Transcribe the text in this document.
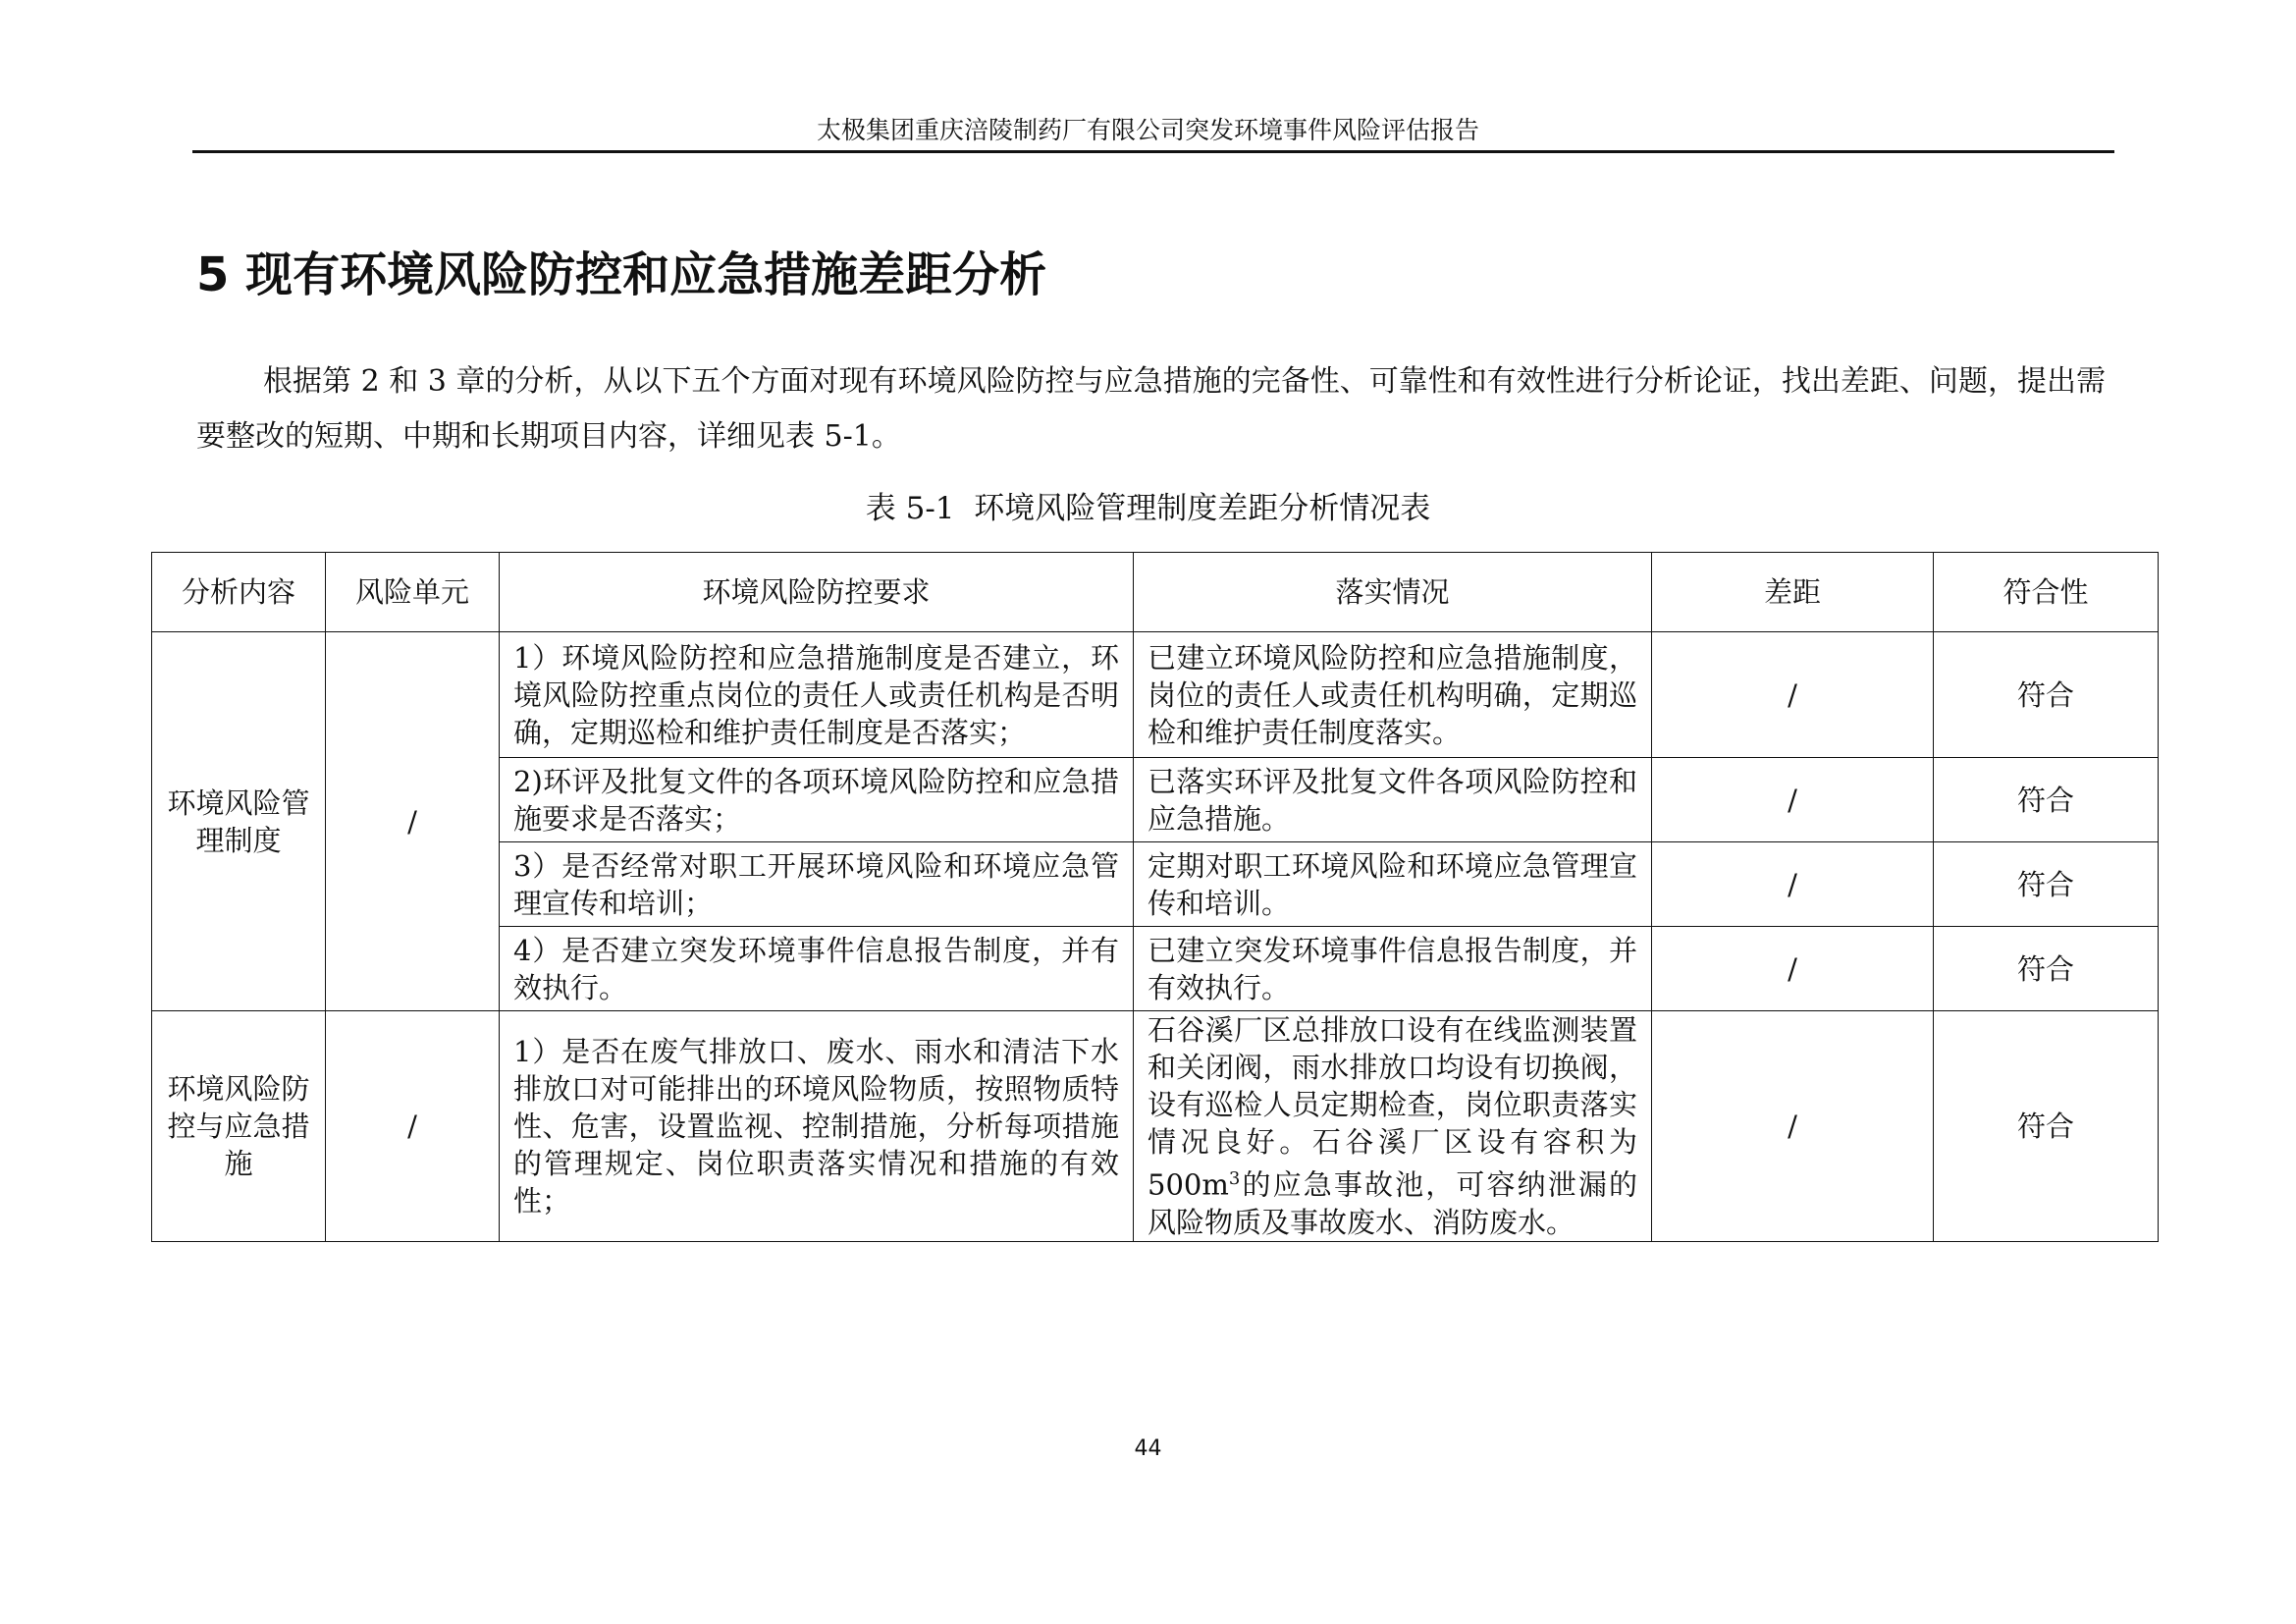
太极集团重庆涪陵制药厂有限公司突发环境事件风险评估报告
5 现有环境风险防控和应急措施差距分析

根据第 2 和 3 章的分析，从以下五个方面对现有环境风险防控与应急措施的完备性、可靠性和有效性进行分析论证，找出差距、问题，提出需要整改的短期、中期和长期项目内容，详细见表 5-1。

表 5-1  环境风险管理制度差距分析情况表
分析内容	风险单元	环境风险防控要求	落实情况	差距	符合性
环境风险管理制度	/	1）环境风险防控和应急措施制度是否建立，环境风险防控重点岗位的责任人或责任机构是否明确，定期巡检和维护责任制度是否落实；	已建立环境风险防控和应急措施制度，岗位的责任人或责任机构明确，定期巡检和维护责任制度落实。	/	符合
		2)环评及批复文件的各项环境风险防控和应急措施要求是否落实；	已落实环评及批复文件各项风险防控和应急措施。	/	符合
		3）是否经常对职工开展环境风险和环境应急管理宣传和培训；	定期对职工环境风险和环境应急管理宣传和培训。	/	符合
		4）是否建立突发环境事件信息报告制度，并有效执行。	已建立突发环境事件信息报告制度，并有效执行。	/	符合
环境风险防控与应急措施	/	1）是否在废气排放口、废水、雨水和清洁下水排放口对可能排出的环境风险物质，按照物质特性、危害，设置监视、控制措施，分析每项措施的管理规定、岗位职责落实情况和措施的有效性；	石谷溪厂区总排放口设有在线监测装置和关闭阀，雨水排放口均设有切换阀，设有巡检人员定期检查，岗位职责落实情况良好。石谷溪厂区设有容积为$500m^3$的应急事故池，可容纳泄漏的风险物质及事故废水、消防废水。	/	符合
44
